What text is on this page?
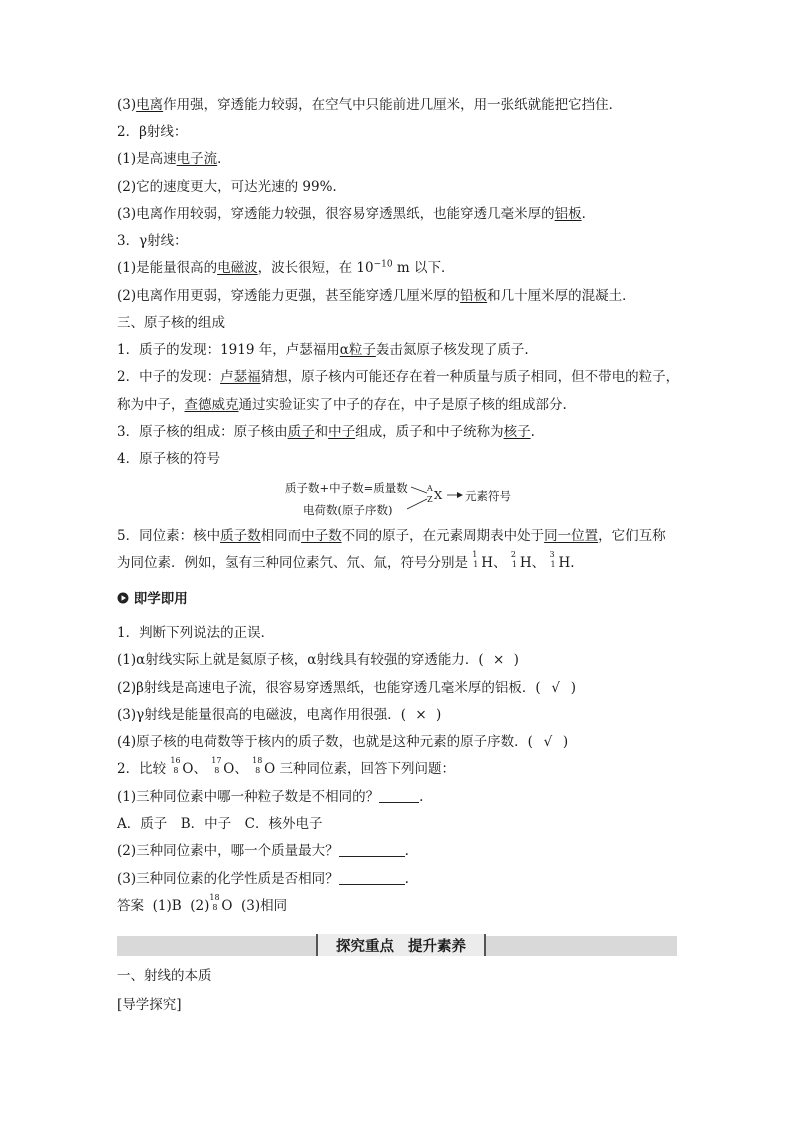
(3)电离作用强，穿透能力较弱，在空气中只能前进几厘米，用一张纸就能把它挡住．
2．β射线：
(1)是高速电子流．
(2)它的速度更大，可达光速的 99%.
(3)电离作用较弱，穿透能力较强，很容易穿透黑纸，也能穿透几毫米厚的铝板．
3．γ射线：
(1)是能量很高的电磁波，波长很短，在 $10^{-10}$ m 以下．
(2)电离作用更弱，穿透能力更强，甚至能穿透几厘米厚的铅板和几十厘米厚的混凝土．
三、原子核的组成
1．质子的发现：1919 年，卢瑟福用α粒子轰击氮原子核发现了质子.
2．中子的发现：卢瑟福猜想，原子核内可能还存在着一种质量与质子相同，但不带电的粒子，
称为中子，查德威克通过实验证实了中子的存在，中子是原子核的组成部分.
3．原子核的组成：原子核由质子和中子组成，质子和中子统称为核子.
4．原子核的符号
质子数+中子数=质量数
电荷数(原子序数)
A
Z X 元素符号
5．同位素：核中质子数相同而中子数不同的原子，在元素周期表中处于同一位置，它们互称
为同位素．例如，氢有三种同位素氕、氘、氚，符号分别是
1
1 H、
2
1 H、
3
1 H.
即学即用
1．判断下列说法的正误．
(1)α射线实际上就是氦原子核，α射线具有较强的穿透能力．( × )
(2)β射线是高速电子流，很容易穿透黑纸，也能穿透几毫米厚的铝板．( √ )
(3)γ射线是能量很高的电磁波，电离作用很强．( × )
(4)原子核的电荷数等于核内的质子数，也就是这种元素的原子序数．( √ )
2．比较
16
8 O、
17
8 O、
18
8 O 三种同位素，回答下列问题：
(1)三种同位素中哪一种粒子数是不相同的？	.
A．质子　B．中子　C．核外电子
(2)三种同位素中，哪一个质量最大？	.
(3)三种同位素的化学性质是否相同？	.
答案 (1)B (2)
18
8 O (3)相同
探究重点 提升素养
一、射线的本质
[导学探究]
